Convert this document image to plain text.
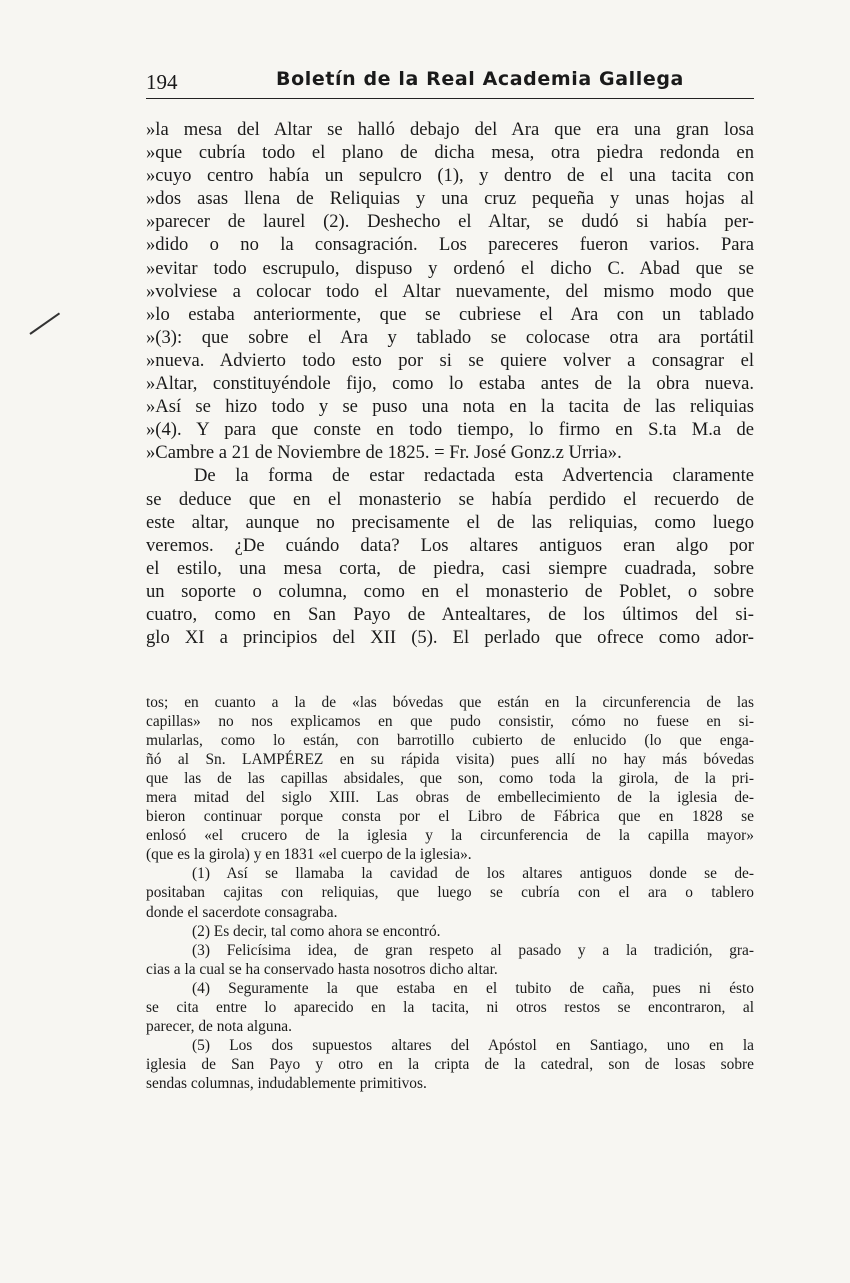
194	Boletín de la Real Academia Gallega
»la mesa del Altar se halló debajo del Ara que era una gran losa
»que cubría todo el plano de dicha mesa, otra piedra redonda en
»cuyo centro había un sepulcro (1), y dentro de el una tacita con
»dos asas llena de Reliquias y una cruz pequeña y unas hojas al
»parecer de laurel (2). Deshecho el Altar, se dudó si había per-
»dido o no la consagración. Los pareceres fueron varios. Para
»evitar todo escrupulo, dispuso y ordenó el dicho C. Abad que se
»volviese a colocar todo el Altar nuevamente, del mismo modo que
»lo estaba anteriormente, que se cubriese el Ara con un tablado
»(3): que sobre el Ara y tablado se colocase otra ara portátil
»nueva. Advierto todo esto por si se quiere volver a consagrar el
»Altar, constituyéndole fijo, como lo estaba antes de la obra nueva.
»Así se hizo todo y se puso una nota en la tacita de las reliquias
»(4). Y para que conste en todo tiempo, lo firmo en S.ta M.a de
»Cambre a 21 de Noviembre de 1825. = Fr. José Gonz.z Urria».
De la forma de estar redactada esta Advertencia claramente
se deduce que en el monasterio se había perdido el recuerdo de
este altar, aunque no precisamente el de las reliquias, como luego
veremos. ¿De cuándo data? Los altares antiguos eran algo por
el estilo, una mesa corta, de piedra, casi siempre cuadrada, sobre
un soporte o columna, como en el monasterio de Poblet, o sobre
cuatro, como en San Payo de Antealtares, de los últimos del si-
glo XI a principios del XII (5). El perlado que ofrece como ador-
tos; en cuanto a la de «las bóvedas que están en la circunferencia de las
capillas» no nos explicamos en que pudo consistir, cómo no fuese en si-
mularlas, como lo están, con barrotillo cubierto de enlucido (lo que enga-
ñó al Sn. LAMPÉREZ en su rápida visita) pues allí no hay más bóvedas
que las de las capillas absidales, que son, como toda la girola, de la pri-
mera mitad del siglo XIII. Las obras de embellecimiento de la iglesia de-
bieron continuar porque consta por el Libro de Fábrica que en 1828 se
enlosó «el crucero de la iglesia y la circunferencia de la capilla mayor»
(que es la girola) y en 1831 «el cuerpo de la iglesia».
(1) Así se llamaba la cavidad de los altares antiguos donde se de-
positaban cajitas con reliquias, que luego se cubría con el ara o tablero
donde el sacerdote consagraba.
(2) Es decir, tal como ahora se encontró.
(3) Felicísima idea, de gran respeto al pasado y a la tradición, gra-
cias a la cual se ha conservado hasta nosotros dicho altar.
(4) Seguramente la que estaba en el tubito de caña, pues ni ésto
se cita entre lo aparecido en la tacita, ni otros restos se encontraron, al
parecer, de nota alguna.
(5) Los dos supuestos altares del Apóstol en Santiago, uno en la
iglesia de San Payo y otro en la cripta de la catedral, son de losas sobre
sendas columnas, indudablemente primitivos.
